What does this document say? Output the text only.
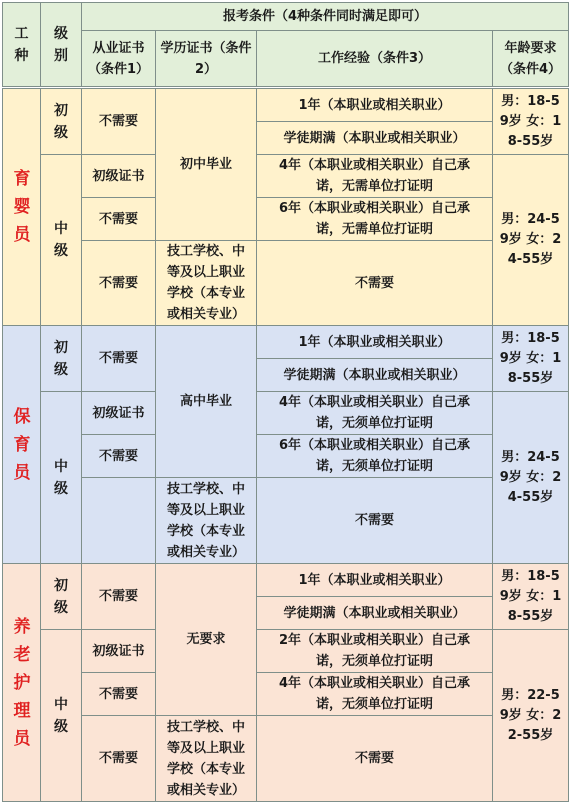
工种	级别	报考条件（4种条件同时满足即可）			
		从业证书（条件1）	学历证书（条件2）	工作经验（条件3）	年龄要求（条件4）
育婴员	初级	不需要	初中毕业	1年（本职业或相关职业）	男：18-59岁 女：18-55岁
				学徒期满（本职业或相关职业）	
	中级	初级证书		4年（本职业或相关职业）自己承诺，无需单位打证明	男：24-59岁 女：24-55岁
		不需要		6年（本职业或相关职业）自己承诺，无需单位打证明	
		不需要	技工学校、中等及以上职业学校（本专业或相关专业）	不需要	
保育员	初级	不需要	高中毕业	1年（本职业或相关职业）	男：18-59岁 女：18-55岁
				学徒期满（本职业或相关职业）	
	中级	初级证书		4年（本职业或相关职业）自己承诺，无须单位打证明	男：24-59岁 女：24-55岁
		不需要		6年（本职业或相关职业）自己承诺，无须单位打证明	
			技工学校、中等及以上职业学校（本专业或相关专业）	不需要	
养老护理员	初级	不需要	无要求	1年（本职业或相关职业）	男：18-59岁 女：18-55岁
				学徒期满（本职业或相关职业）	
	中级	初级证书		2年（本职业或相关职业）自己承诺，无须单位打证明	男：22-59岁 女：22-55岁
		不需要		4年（本职业或相关职业）自己承诺，无须单位打证明	
		不需要	技工学校、中等及以上职业学校（本专业或相关专业）	不需要	
